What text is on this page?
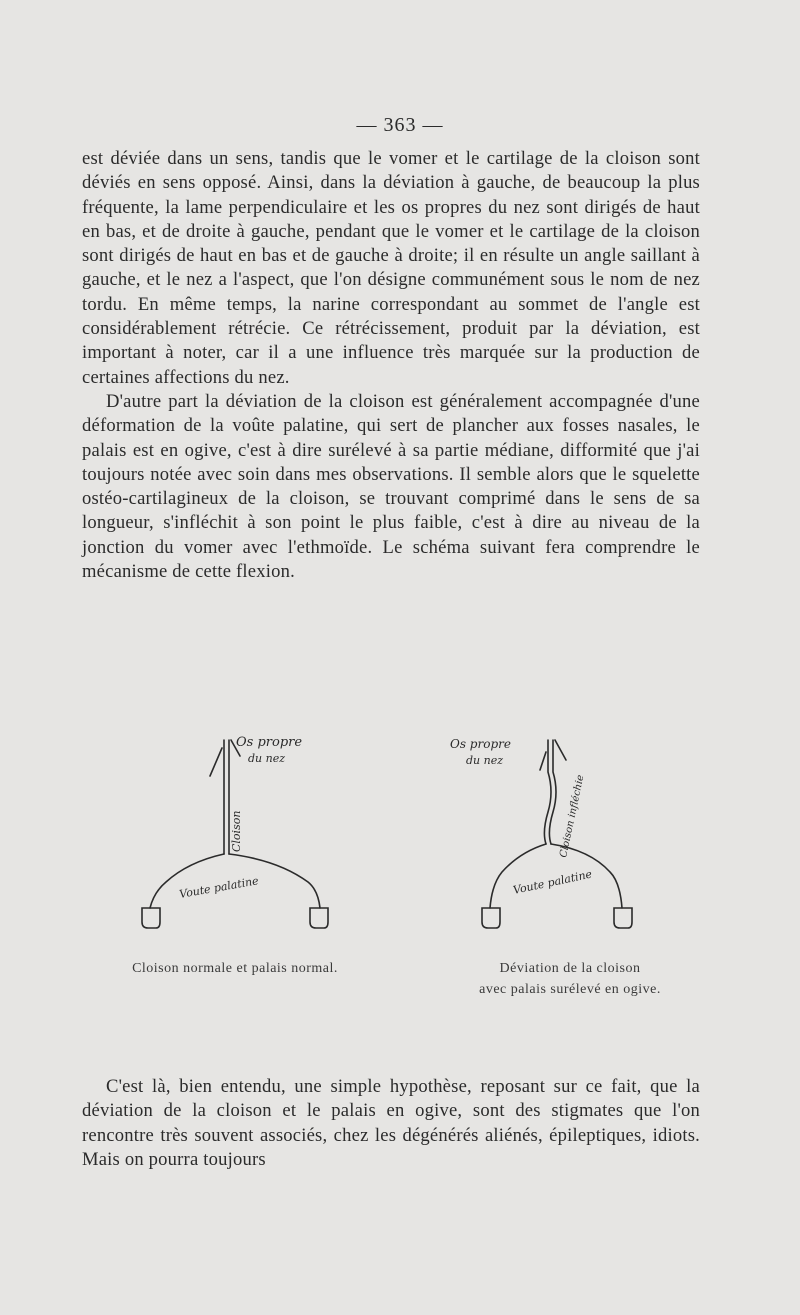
— 363 —

est déviée dans un sens, tandis que le vomer et le cartilage de la cloison sont déviés en sens opposé. Ainsi, dans la déviation à gauche, de beaucoup la plus fréquente, la lame perpendiculaire et les os propres du nez sont dirigés de haut en bas, et de droite à gauche, pendant que le vomer et le cartilage de la cloison sont dirigés de haut en bas et de gauche à droite; il en résulte un angle saillant à gauche, et le nez a l'aspect, que l'on désigne communément sous le nom de nez tordu. En même temps, la narine correspondant au sommet de l'angle est considérablement rétrécie. Ce rétrécissement, produit par la déviation, est important à noter, car il a une influence très marquée sur la production de certaines affections du nez.

D'autre part la déviation de la cloison est généralement accompagnée d'une déformation de la voûte palatine, qui sert de plancher aux fosses nasales, le palais est en ogive, c'est à dire surélevé à sa partie médiane, difformité que j'ai toujours notée avec soin dans mes observations. Il semble alors que le squelette ostéo-cartilagineux de la cloison, se trouvant comprimé dans le sens de sa longueur, s'infléchit à son point le plus faible, c'est à dire au niveau de la jonction du vomer avec l'ethmoïde. Le schéma suivant fera comprendre le mécanisme de cette flexion.

Os propre
du nez
Cloison
Voute palatine
Os propre
du nez
Cloison infléchie
Voute palatine
Cloison normale et palais normal.	Déviation de la cloison
avec palais surélevé en ogive.

C'est là, bien entendu, une simple hypothèse, reposant sur ce fait, que la déviation de la cloison et le palais en ogive, sont des stigmates que l'on rencontre très souvent associés, chez les dégénérés aliénés, épileptiques, idiots. Mais on pourra toujours
